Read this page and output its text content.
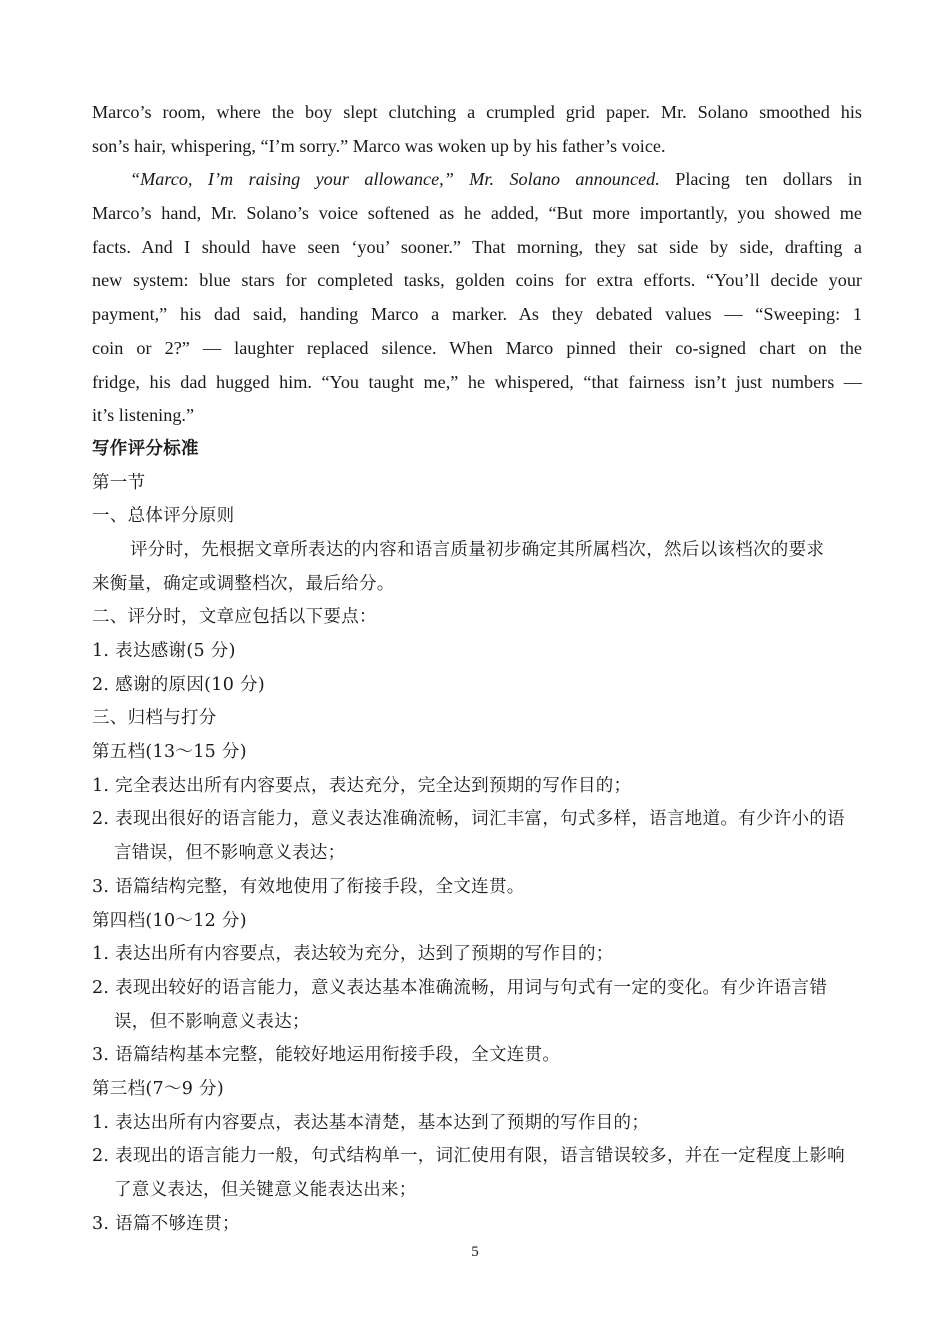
Marco’s room, where the boy slept clutching a crumpled grid paper. Mr. Solano smoothed his
son’s hair, whispering, “I’m sorry.” Marco was woken up by his father’s voice.
“Marco, I’m raising your allowance,” Mr. Solano announced. Placing ten dollars in
Marco’s hand, Mr. Solano’s voice softened as he added, “But more importantly, you showed me
facts. And I should have seen ‘you’ sooner.” That morning, they sat side by side, drafting a
new system: blue stars for completed tasks, golden coins for extra efforts. “You’ll decide your
payment,” his dad said, handing Marco a marker. As they debated values — “Sweeping: 1
coin or 2?” — laughter replaced silence. When Marco pinned their co-signed chart on the
fridge, his dad hugged him. “You taught me,” he whispered, “that fairness isn’t just numbers —
it’s listening.”
写作评分标准
第一节
一、总体评分原则
评分时，先根据文章所表达的内容和语言质量初步确定其所属档次，然后以该档次的要求
来衡量，确定或调整档次，最后给分。
二、评分时，文章应包括以下要点：
1. 表达感谢(5 分)
2. 感谢的原因(10 分)
三、归档与打分
第五档(13～15 分)
1. 完全表达出所有内容要点，表达充分，完全达到预期的写作目的；
2. 表现出很好的语言能力，意义表达准确流畅，词汇丰富，句式多样，语言地道。有少许小的语
言错误，但不影响意义表达；
3. 语篇结构完整，有效地使用了衔接手段，全文连贯。
第四档(10～12 分)
1. 表达出所有内容要点，表达较为充分，达到了预期的写作目的；
2. 表现出较好的语言能力，意义表达基本准确流畅，用词与句式有一定的变化。有少许语言错
误，但不影响意义表达；
3. 语篇结构基本完整，能较好地运用衔接手段，全文连贯。
第三档(7～9 分)
1. 表达出所有内容要点，表达基本清楚，基本达到了预期的写作目的；
2. 表现出的语言能力一般，句式结构单一，词汇使用有限，语言错误较多，并在一定程度上影响
了意义表达，但关键意义能表达出来；
3. 语篇不够连贯；
5
